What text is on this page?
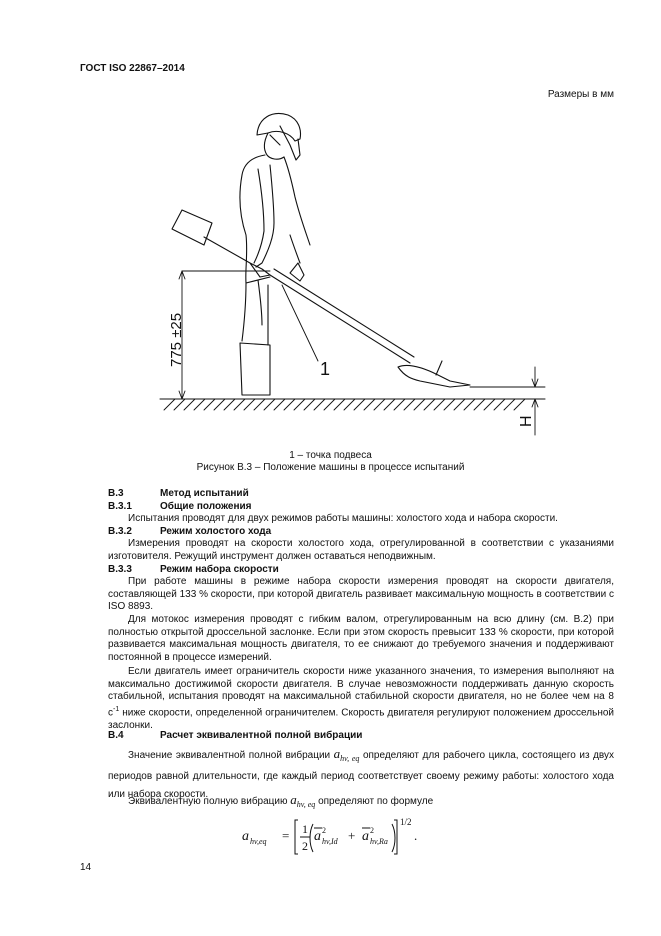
ГОСТ ISO 22867–2014
Размеры в мм
775 ±25
1
H
1 – точка подвеса
Рисунок В.3 – Положение машины в процессе испытаний
В.3	Метод испытаний
В.3.1	Общие положения
Испытания проводят для двух режимов работы машины: холостого хода и набора скорости.
В.3.2	Режим холостого хода
Измерения проводят на скорости холостого хода, отрегулированной в соответствии с указаниями изготовителя. Режущий инструмент должен оставаться неподвижным.
В.3.3	Режим набора скорости
При работе машины в режиме набора скорости измерения проводят на скорости двигателя, составляющей 133 % скорости, при которой двигатель развивает максимальную мощность в соответствии с ISO 8893.
Для мотокос измерения проводят с гибким валом, отрегулированным на всю длину (см. В.2) при полностью открытой дроссельной заслонке. Если при этом скорость превысит 133 % скорости, при которой развивается максимальная мощность двигателя, то ее снижают до требуемого значения и поддерживают постоянной в процессе измерений.
Если двигатель имеет ограничитель скорости ниже указанного значения, то измерения выполняют на максимально достижимой скорости двигателя. В случае невозможности поддерживать данную скорость стабильной, испытания проводят на максимальной стабильной скорости двигателя, но не более чем на 8 $с^{-1}$ ниже скорости, определенной ограничителем. Скорость двигателя регулируют положением дроссельной заслонки.
В.4	Расчет эквивалентной полной вибрации
Значение эквивалентной полной вибрации $a_{hv, eq}$ определяют для рабочего цикла, состоящего из двух периодов равной длительности, где каждый период соответствует своему режиму работы: холостого хода или набора скорости.
Эквивалентную полную вибрацию $a_{hv, eq}$ определяют по формуле
a hv,eq = 1
2
a 2
hv,Id + a 2
hv,Ra
1/2
.
14
